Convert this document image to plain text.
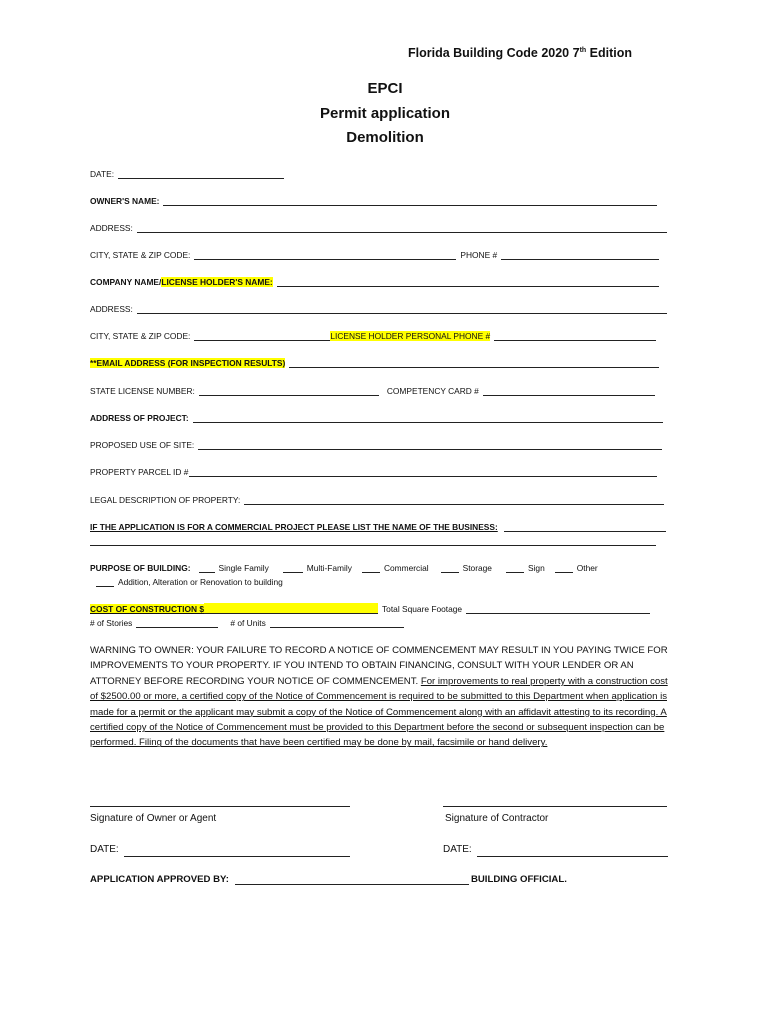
Florida Building Code 2020 7th Edition
EPCI
Permit application
Demolition
DATE:
OWNER'S NAME:
ADDRESS:
CITY, STATE & ZIP CODE:	PHONE #
COMPANY NAME/ LICENSE HOLDER'S NAME:
ADDRESS:
CITY, STATE & ZIP CODE:	LICENSE HOLDER PERSONAL PHONE #
**EMAIL ADDRESS (FOR INSPECTION RESULTS)
STATE LICENSE NUMBER:	COMPETENCY CARD #
ADDRESS OF PROJECT:
PROPOSED USE OF SITE:
PROPERTY PARCEL ID #
LEGAL DESCRIPTION OF PROPERTY:
IF THE APPLICATION IS FOR A COMMERCIAL PROJECT PLEASE LIST THE NAME OF THE BUSINESS:
PURPOSE OF BUILDING:	Single Family	Multi-Family	Commercial	Storage	Sign	Other
Addition, Alteration or Renovation to building
COST OF CONSTRUCTION $	Total Square Footage
# of Stories	# of Units
WARNING TO OWNER: YOUR FAILURE TO RECORD A NOTICE OF COMMENCEMENT MAY RESULT IN YOU PAYING TWICE FOR IMPROVEMENTS TO YOUR PROPERTY. IF YOU INTEND TO OBTAIN FINANCING, CONSULT WITH YOUR LENDER OR AN ATTORNEY BEFORE RECORDING YOUR NOTICE OF COMMENCEMENT. For improvements to real property with a construction cost of $2500.00 or more, a certified copy of the Notice of Commencement is required to be submitted to this Department when application is made for a permit or the applicant may submit a copy of the Notice of Commencement along with an affidavit attesting to its recording. A certified copy of the Notice of Commencement must be provided to this Department before the second or subsequent inspection can be performed. Filing of the documents that have been certified may be done by mail, facsimile or hand delivery.
Signature of Owner or Agent	Signature of Contractor
DATE:	DATE:
APPLICATION APPROVED BY:	BUILDING OFFICIAL.
